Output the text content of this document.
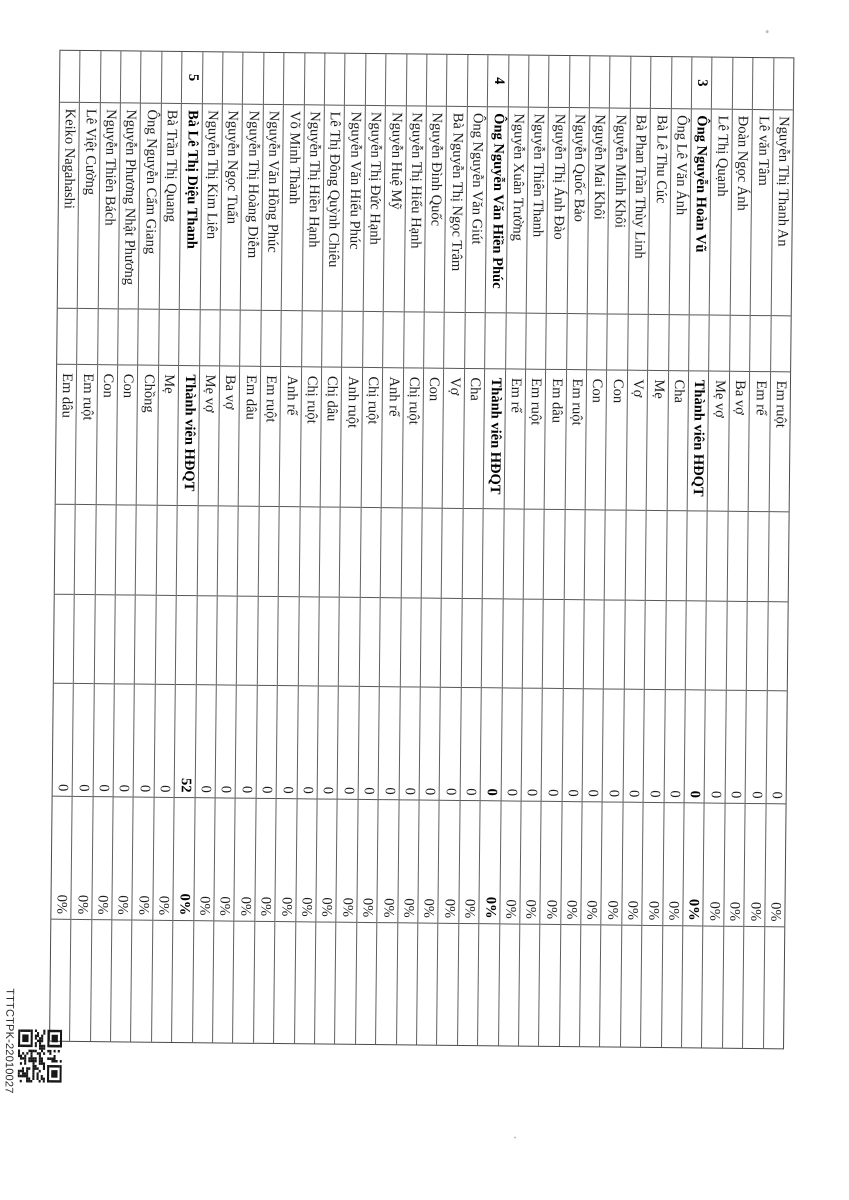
Nguyễn Thị Thanh An
Em ruột
0
0%
Lê văn Tâm
Em rể
0
0%
Đoàn Ngọc Ánh
Ba vợ
0
0%
Lê Thị Quạnh
Mẹ vợ
0
0%
3
Ông Nguyễn Hoàn Vũ
Thành viên HĐQT
0
0%
Ông Lê Văn Ánh
Cha
0
0%
Bà Lê Thu Cúc
Mẹ
0
0%
Bà Phan Trần Thùy Linh
Vợ
0
0%
Nguyễn Minh Khôi
Con
0
0%
Nguyễn Mai Khôi
Con
0
0%
Nguyễn Quốc Bảo
Em ruột
0
0%
Nguyễn Thị Ánh Đào
Em dâu
0
0%
Nguyễn Thiên Thanh
Em ruột
0
0%
Nguyễn Xuân Trường
Em rể
0
0%
4
Ông Nguyễn Văn Hiền Phúc
Thành viên HĐQT
0
0%
Ông Nguyễn Văn Giút
Cha
0
0%
Bà Nguyễn Thị Ngọc Trâm
Vợ
0
0%
Nguyễn Đình Quốc
Con
0
0%
Nguyễn Thị Hiểu Hạnh
Chị ruột
0
0%
Nguyễn Huệ Mỹ
Anh rể
0
0%
Nguyễn Thị Đức Hạnh
Chị ruột
0
0%
Nguyễn Văn Hiếu Phúc
Anh ruột
0
0%
Lê Thị Đông Quỳnh Chiêu
Chị dâu
0
0%
Nguyễn Thị Hiền Hạnh
Chị ruột
0
0%
Võ Minh Thành
Anh rể
0
0%
Nguyễn Văn Hồng Phúc
Em ruột
0
0%
Nguyễn Thị Hoàng Diễm
Em dâu
0
0%
Nguyễn Ngọc Tuấn
Ba vợ
0
0%
Nguyễn Thị Kim Liên
Mẹ vợ
0
0%
5
Bà Lê Thị Diệu Thanh
Thành viên HĐQT
52
0%
Bà Trần Thị Quang
Mẹ
0
0%
Ông Nguyễn Cẩm Giang
Chồng
0
0%
Nguyễn Phương Nhật Phương
Con
0
0%
Nguyễn Thiên Bách
Con
0
0%
Lê Việt Cường
Em ruột
0
0%
Keiko Nagahashi
Em dâu
0
0%
TTTCTPK-22010027
